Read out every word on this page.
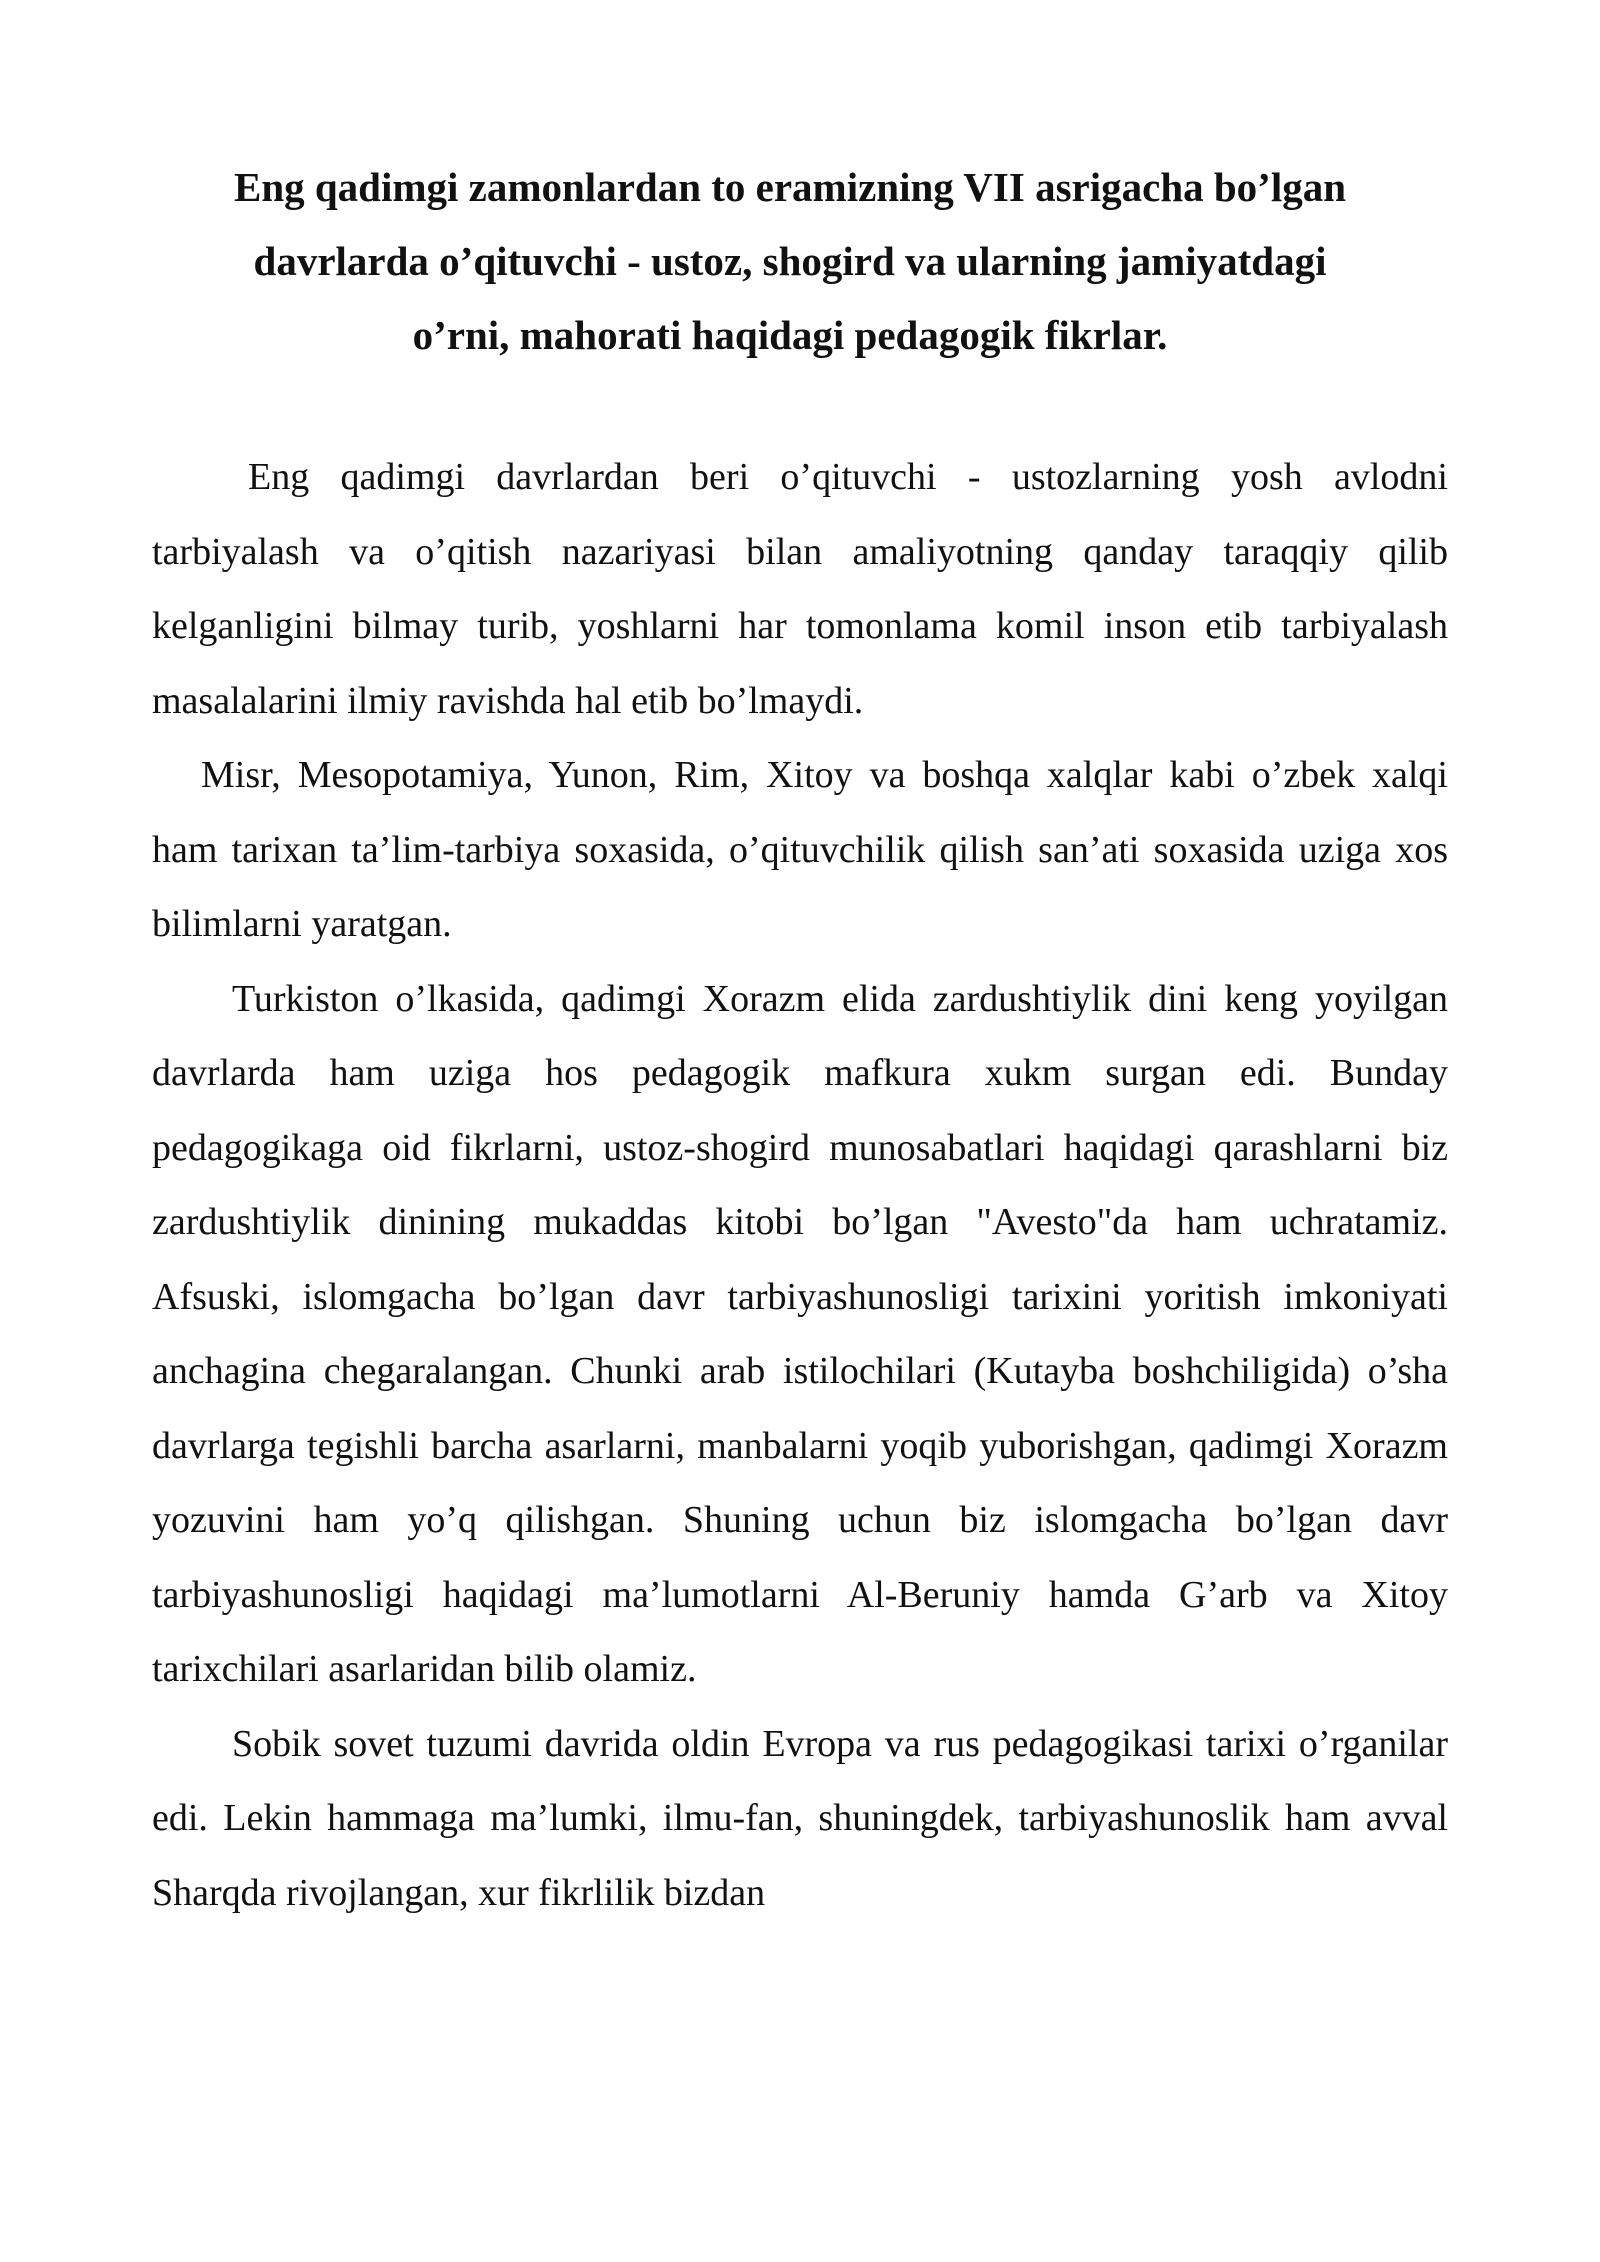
Eng qadimgi zamonlardan to eramizning VII asrigacha bo’lgan
davrlarda o’qituvchi - ustoz, shogird va ularning jamiyatdagi
o’rni, mahorati haqidagi pedagogik fikrlar.

Eng qadimgi davrlardan beri o’qituvchi - ustozlarning yosh avlodni tarbiyalash va o’qitish nazariyasi bilan amaliyotning qanday taraqqiy qilib kelganligini bilmay turib, yoshlarni har tomonlama komil inson etib tarbiyalash masalalarini ilmiy ravishda hal etib bo’lmaydi.

Misr, Mesopotamiya, Yunon, Rim, Xitoy va boshqa xalqlar kabi o’zbek xalqi ham tarixan ta’lim-tarbiya soxasida, o’qituvchilik qilish san’ati soxasida uziga xos bilimlarni yaratgan.

Turkiston o’lkasida, qadimgi Xorazm elida zardushtiylik dini keng yoyilgan davrlarda ham uziga hos pedagogik mafkura xukm surgan edi. Bunday pedagogikaga oid fikrlarni, ustoz-shogird munosabatlari haqidagi qarashlarni biz zardushtiylik dinining mukaddas kitobi bo’lgan "Avesto"da ham uchratamiz. Afsuski, islomgacha bo’lgan davr tarbiyashunosligi tarixini yoritish imkoniyati anchagina chegaralangan. Chunki arab istilochilari (Kutayba boshchiligida) o’sha davrlarga tegishli barcha asarlarni, manbalarni yoqib yuborishgan, qadimgi Xorazm yozuvini ham yo’q qilishgan. Shuning uchun biz islomgacha bo’lgan davr tarbiyashunosligi haqidagi ma’lumotlarni Al-Beruniy hamda G’arb va Xitoy tarixchilari asarlaridan bilib olamiz.

Sobik sovet tuzumi davrida oldin Evropa va rus pedagogikasi tarixi o’rganilar edi. Lekin hammaga ma’lumki, ilmu-fan, shuningdek, tarbiyashunoslik ham avval Sharqda rivojlangan, xur fikrlilik bizdan
